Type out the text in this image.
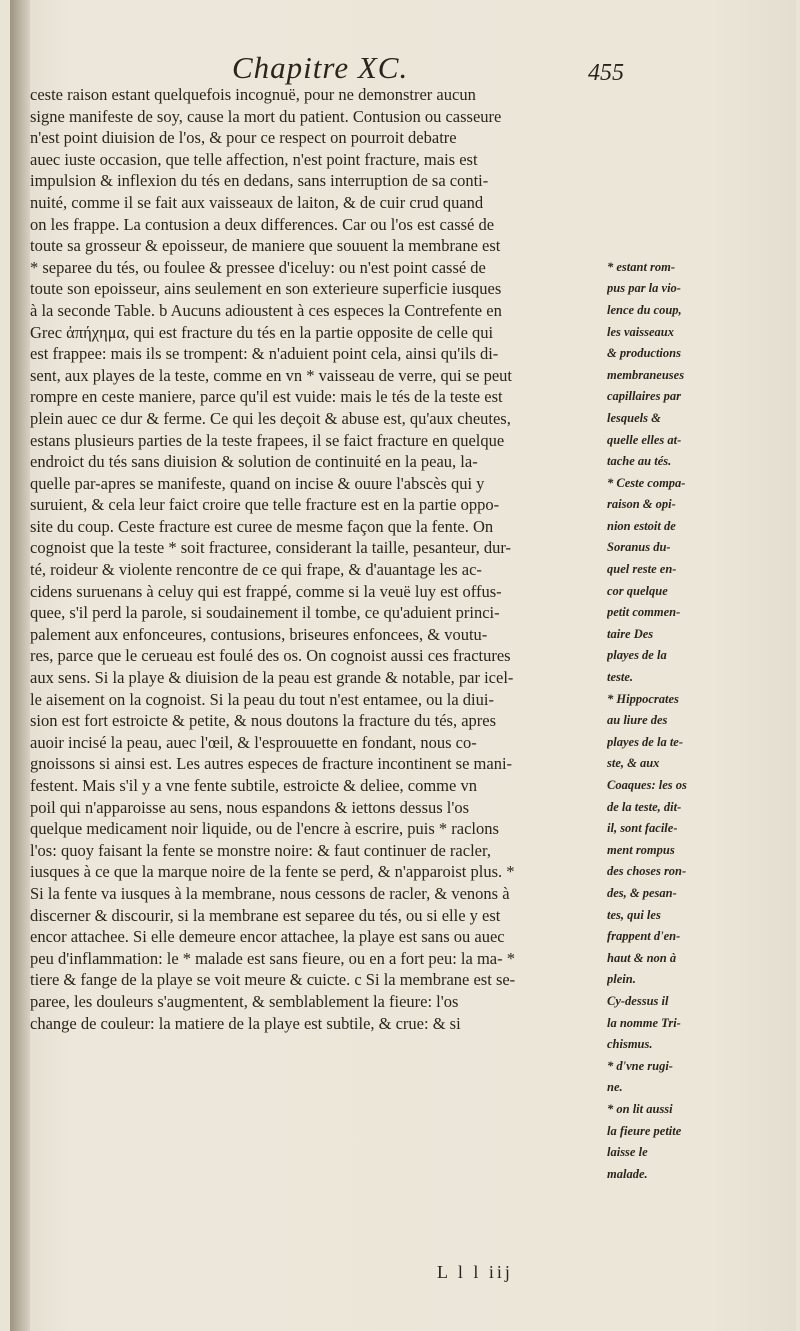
Chapitre XC.	455
ceste raison estant quelquefois incognuë, pour ne demonstrer aucun
signe manifeste de soy, cause la mort du patient. Contusion ou casseure
n'est point diuision de l'os, & pour ce respect on pourroit debatre
auec iuste occasion, que telle affection, n'est point fracture, mais est
impulsion & inflexion du tés en dedans, sans interruption de sa conti-
nuité, comme il se fait aux vaisseaux de laiton, & de cuir crud quand
on les frappe. La contusion a deux differences. Car ou l'os est cassé de
toute sa grosseur & epoisseur, de maniere que souuent la membrane est
* separee du tés, ou foulee & pressee d'iceluy: ou n'est point cassé de
toute son epoisseur, ains seulement en son exterieure superficie iusques
à la seconde Table. b Aucuns adioustent à ces especes la Contrefente en
Grec ἀπήχημα, qui est fracture du tés en la partie opposite de celle qui
est frappee: mais ils se trompent: & n'aduient point cela, ainsi qu'ils di-
sent, aux playes de la teste, comme en vn * vaisseau de verre, qui se peut
rompre en ceste maniere, parce qu'il est vuide: mais le tés de la teste est
plein auec ce dur & ferme. Ce qui les deçoit & abuse est, qu'aux cheutes,
estans plusieurs parties de la teste frapees, il se faict fracture en quelque
endroict du tés sans diuision & solution de continuité en la peau, la-
quelle par-apres se manifeste, quand on incise & ouure l'abscès qui y
suruient, & cela leur faict croire que telle fracture est en la partie oppo-
site du coup. Ceste fracture est curee de mesme façon que la fente. On
cognoist que la teste * soit fracturee, considerant la taille, pesanteur, dur-
té, roideur & violente rencontre de ce qui frape, & d'auantage les ac-
cidens suruenans à celuy qui est frappé, comme si la veuë luy est offus-
quee, s'il perd la parole, si soudainement il tombe, ce qu'aduient princi-
palement aux enfonceures, contusions, briseures enfoncees, & voutu-
res, parce que le cerueau est foulé des os. On cognoist aussi ces fractures
aux sens. Si la playe & diuision de la peau est grande & notable, par icel-
le aisement on la cognoist. Si la peau du tout n'est entamee, ou la diui-
sion est fort estroicte & petite, & nous doutons la fracture du tés, apres
auoir incisé la peau, auec l'œil, & l'esprouuette en fondant, nous co-
gnoissons si ainsi est. Les autres especes de fracture incontinent se mani-
festent. Mais s'il y a vne fente subtile, estroicte & deliee, comme vn
poil qui n'apparoisse au sens, nous espandons & iettons dessus l'os
quelque medicament noir liquide, ou de l'encre à escrire, puis * raclons
l'os: quoy faisant la fente se monstre noire: & faut continuer de racler,
iusques à ce que la marque noire de la fente se perd, & n'apparoist plus. *
Si la fente va iusques à la membrane, nous cessons de racler, & venons à
discerner & discourir, si la membrane est separee du tés, ou si elle y est
encor attachee. Si elle demeure encor attachee, la playe est sans ou auec
peu d'inflammation: le * malade est sans fieure, ou en a fort peu: la ma- *
tiere & fange de la playe se voit meure & cuicte. c Si la membrane est se-
paree, les douleurs s'augmentent, & semblablement la fieure: l'os
change de couleur: la matiere de la playe est subtile, & crue: & si
* estant rom-
pus par la vio-
lence du coup,
les vaisseaux
& productions
membraneuses
capillaires par
lesquels &
quelle elles at-
tache au tés.
* Ceste compa-
raison & opi-
nion estoit de
Soranus du-
quel reste en-
cor quelque
petit commen-
taire Des
playes de la
teste.
* Hippocrates
au liure des
playes de la te-
ste, & aux
Coaques: les os
de la teste, dit-
il, sont facile-
ment rompus
des choses ron-
des, & pesan-
tes, qui les
frappent d'en-
haut & non à
plein.
Cy-dessus il
la nomme Tri-
chismus.
* d'vne rugi-
ne.
* on lit aussi
la fieure petite
laisse le
malade.
L l l iij
